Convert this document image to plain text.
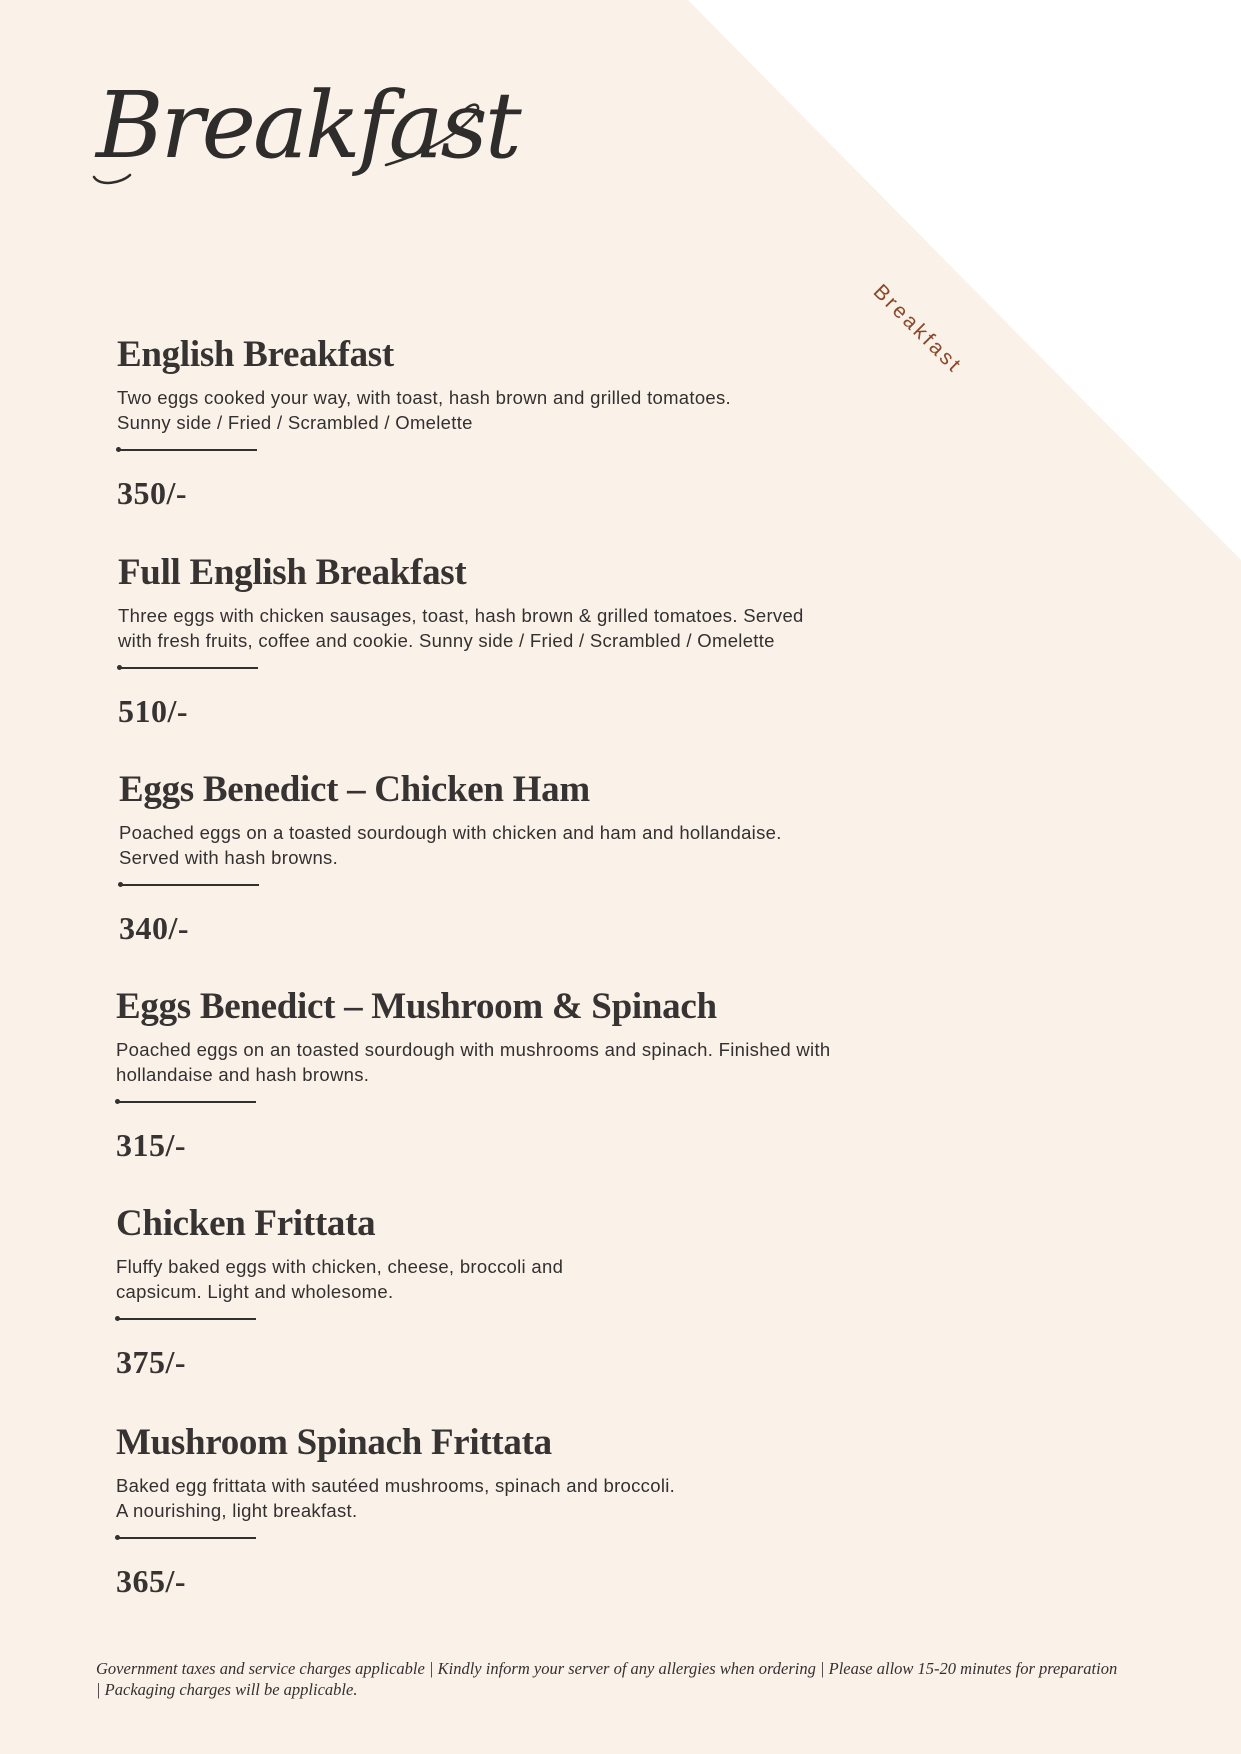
Breakfast
Breakfast
English Breakfast
Two eggs cooked your way, with toast, hash brown and grilled tomatoes.
Sunny side / Fried / Scrambled / Omelette
350/-
Full English Breakfast
Three eggs with chicken sausages, toast, hash brown & grilled tomatoes. Served
with fresh fruits, coffee and cookie. Sunny side / Fried / Scrambled / Omelette
510/-
Eggs Benedict – Chicken Ham
Poached eggs on a toasted sourdough with chicken and ham and hollandaise.
Served with hash browns.
340/-
Eggs Benedict – Mushroom & Spinach
Poached eggs on an toasted sourdough with mushrooms and spinach. Finished with
hollandaise and hash browns.
315/-
Chicken Frittata
Fluffy baked eggs with chicken, cheese, broccoli and
capsicum. Light and wholesome.
375/-
Mushroom Spinach Frittata
Baked egg frittata with sautéed mushrooms, spinach and broccoli.
A nourishing, light breakfast.
365/-
Government taxes and service charges applicable | Kindly inform your server of any allergies when ordering | Please allow 15-20 minutes for preparation
| Packaging charges will be applicable.
